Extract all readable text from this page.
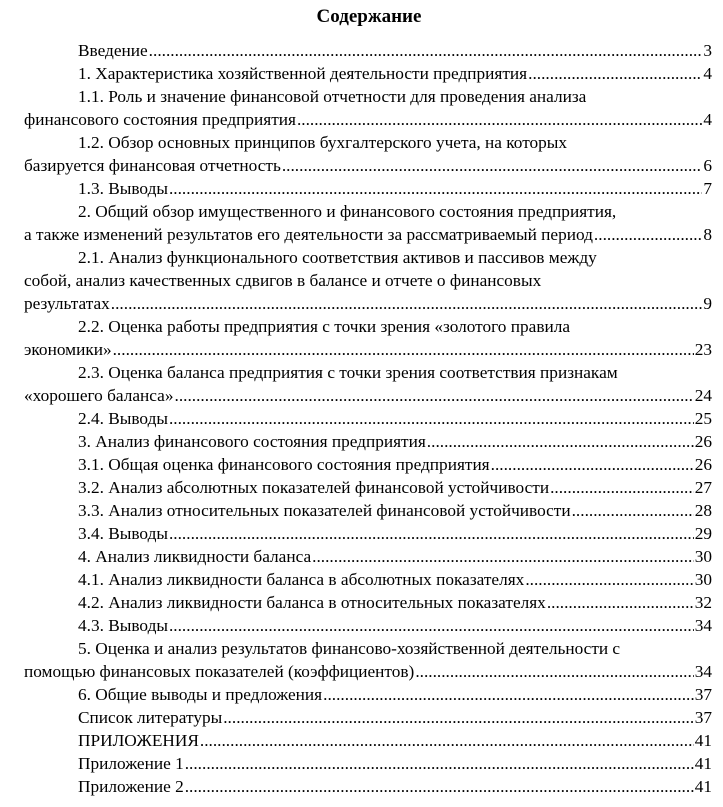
Содержание
Введение .....	3
1. Характеристика хозяйственной деятельности предприятия .....	4
1.1. Роль и значение финансовой отчетности для проведения анализа
финансового состояния предприятия .....	4
1.2. Обзор основных принципов бухгалтерского учета, на которых
базируется финансовая отчетность .....	6
1.3. Выводы .....	7
2. Общий обзор имущественного и финансового состояния предприятия,
а также изменений результатов его деятельности за рассматриваемый период .....	8
2.1. Анализ функционального соответствия активов и пассивов между
собой, анализ качественных сдвигов в балансе и отчете о финансовых
результатах .....	9
2.2. Оценка работы предприятия с точки зрения «золотого правила
экономики» .....	23
2.3. Оценка баланса предприятия с точки зрения соответствия признакам
«хорошего баланса» .....	24
2.4. Выводы .....	25
3. Анализ финансового состояния предприятия .....	26
3.1. Общая оценка финансового состояния предприятия .....	26
3.2. Анализ абсолютных показателей финансовой устойчивости .....	27
3.3. Анализ относительных показателей финансовой устойчивости .....	28
3.4. Выводы .....	29
4. Анализ ликвидности баланса .....	30
4.1. Анализ ликвидности баланса в абсолютных показателях .....	30
4.2. Анализ ликвидности баланса в относительных показателях .....	32
4.3. Выводы .....	34
5. Оценка и анализ результатов финансово-хозяйственной деятельности с
помощью финансовых показателей (коэффициентов) .....	34
6. Общие выводы и предложения .....	37
Список литературы .....	37
ПРИЛОЖЕНИЯ .....	41
Приложение 1 .....	41
Приложение 2 .....	41
